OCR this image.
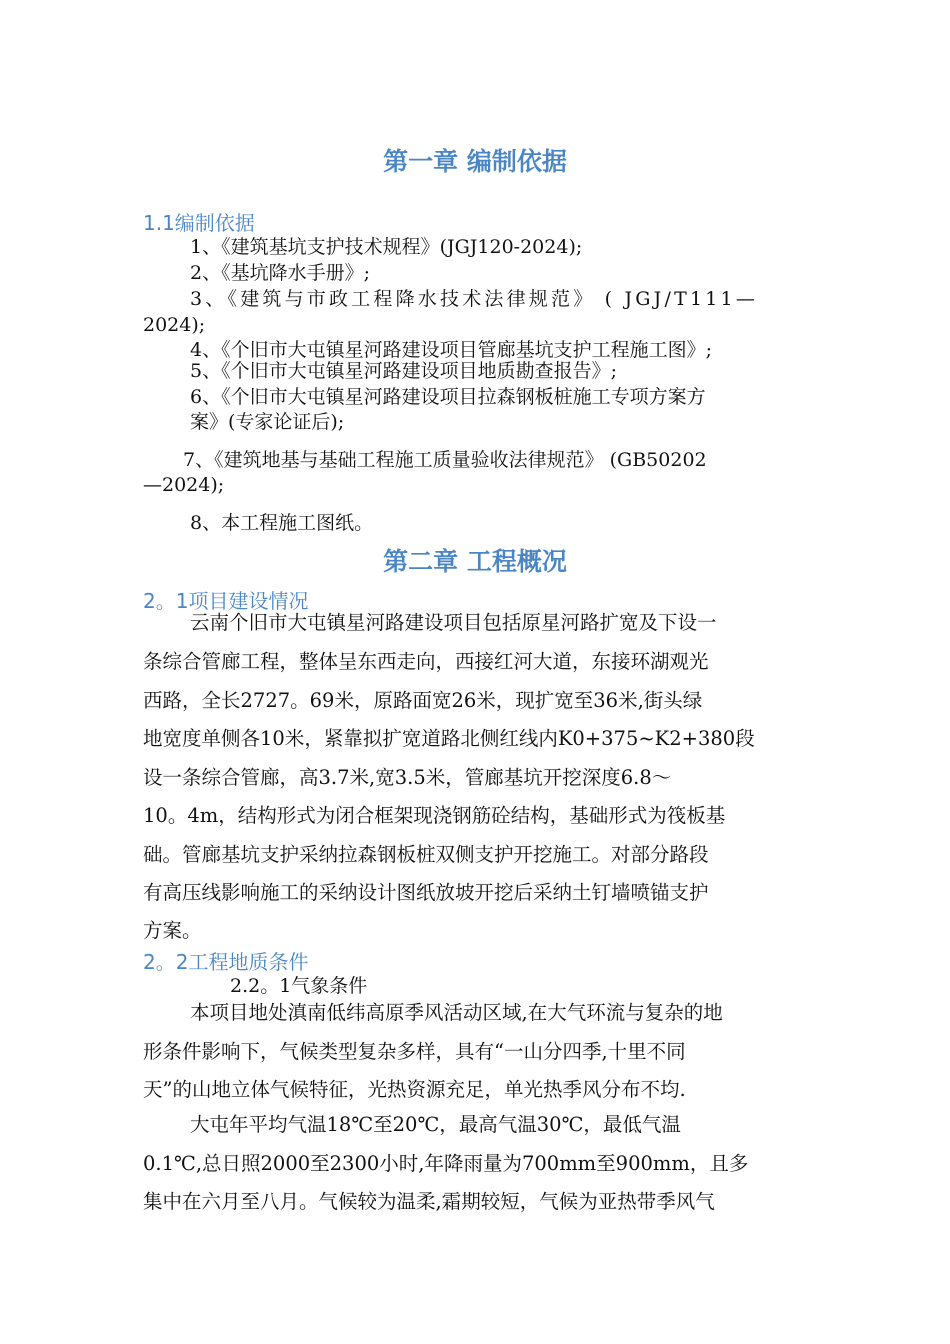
第一章 编制依据
1.1编制依据
1、《建筑基坑支护技术规程》(JGJ120-2024);
2、《基坑降水手册》;
3、《建筑与市政工程降水技术法律规范》 ( JGJ/T111—
2024);
4、《个旧市大屯镇星河路建设项目管廊基坑支护工程施工图》;
5、《个旧市大屯镇星河路建设项目地质勘查报告》;
6、《个旧市大屯镇星河路建设项目拉森钢板桩施工专项方案方
案》(专家论证后);
7、《建筑地基与基础工程施工质量验收法律规范》 (GB50202
—2024);
8、本工程施工图纸。
第二章 工程概况
2。1项目建设情况
云南个旧市大屯镇星河路建设项目包括原星河路扩宽及下设一
条综合管廊工程，整体呈东西走向，西接红河大道，东接环湖观光
西路，全长2727。69米，原路面宽26米，现扩宽至36米,街头绿
地宽度单侧各10米，紧靠拟扩宽道路北侧红线内K0+375~K2+380段
设一条综合管廊，高3.7米,宽3.5米，管廊基坑开挖深度6.8～
10。4m，结构形式为闭合框架现浇钢筋砼结构，基础形式为筏板基
础。管廊基坑支护采纳拉森钢板桩双侧支护开挖施工。对部分路段
有高压线影响施工的采纳设计图纸放坡开挖后采纳土钉墙喷锚支护
方案。
2。2工程地质条件
2.2。1气象条件
本项目地处滇南低纬高原季风活动区域,在大气环流与复杂的地
形条件影响下，气候类型复杂多样，具有“一山分四季,十里不同
天”的山地立体气候特征，光热资源充足，单光热季风分布不均.
大屯年平均气温18℃至20℃，最高气温30℃，最低气温
0.1℃,总日照2000至2300小时,年降雨量为700mm至900mm，且多
集中在六月至八月。气候较为温柔,霜期较短，气候为亚热带季风气
